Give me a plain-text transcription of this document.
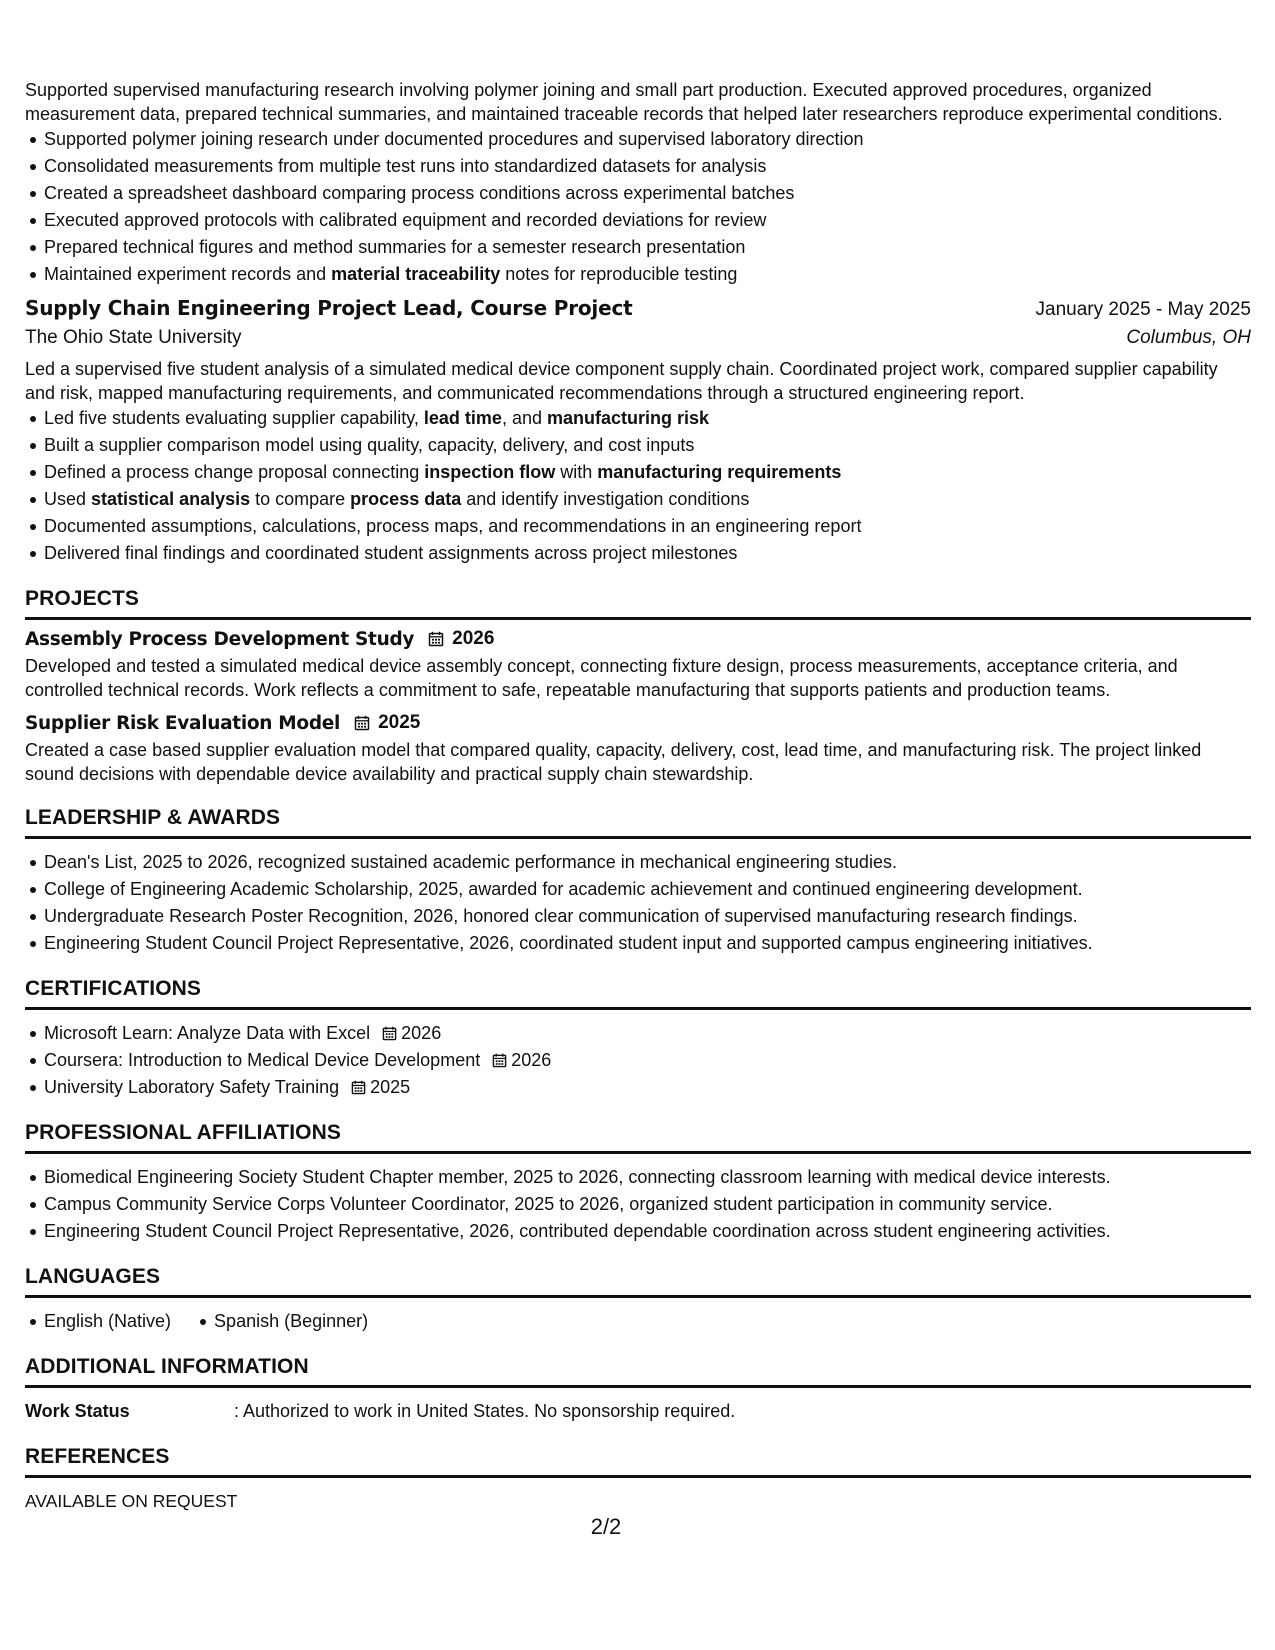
Supported supervised manufacturing research involving polymer joining and small part production. Executed approved procedures, organized measurement data, prepared technical summaries, and maintained traceable records that helped later researchers reproduce experimental conditions.

Supported polymer joining research under documented procedures and supervised laboratory direction
Consolidated measurements from multiple test runs into standardized datasets for analysis
Created a spreadsheet dashboard comparing process conditions across experimental batches
Executed approved protocols with calibrated equipment and recorded deviations for review
Prepared technical figures and method summaries for a semester research presentation
Maintained experiment records and material traceability notes for reproducible testing
Supply Chain Engineering Project Lead, Course Project	January 2025 - May 2025
The Ohio State University	Columbus, OH

Led a supervised five student analysis of a simulated medical device component supply chain. Coordinated project work, compared supplier capability and risk, mapped manufacturing requirements, and communicated recommendations through a structured engineering report.

Led five students evaluating supplier capability, lead time, and manufacturing risk
Built a supplier comparison model using quality, capacity, delivery, and cost inputs
Defined a process change proposal connecting inspection flow with manufacturing requirements
Used statistical analysis to compare process data and identify investigation conditions
Documented assumptions, calculations, process maps, and recommendations in an engineering report
Delivered final findings and coordinated student assignments across project milestones
PROJECTS
Assembly Process Development Study 2026

Developed and tested a simulated medical device assembly concept, connecting fixture design, process measurements, acceptance criteria, and controlled technical records. Work reflects a commitment to safe, repeatable manufacturing that supports patients and production teams.

Supplier Risk Evaluation Model 2025

Created a case based supplier evaluation model that compared quality, capacity, delivery, cost, lead time, and manufacturing risk. The project linked sound decisions with dependable device availability and practical supply chain stewardship.

LEADERSHIP & AWARDS
Dean's List, 2025 to 2026, recognized sustained academic performance in mechanical engineering studies.
College of Engineering Academic Scholarship, 2025, awarded for academic achievement and continued engineering development.
Undergraduate Research Poster Recognition, 2026, honored clear communication of supervised manufacturing research findings.
Engineering Student Council Project Representative, 2026, coordinated student input and supported campus engineering initiatives.
CERTIFICATIONS
Microsoft Learn: Analyze Data with Excel 2026
Coursera: Introduction to Medical Device Development 2026
University Laboratory Safety Training 2025
PROFESSIONAL AFFILIATIONS
Biomedical Engineering Society Student Chapter member, 2025 to 2026, connecting classroom learning with medical device interests.
Campus Community Service Corps Volunteer Coordinator, 2025 to 2026, organized student participation in community service.
Engineering Student Council Project Representative, 2026, contributed dependable coordination across student engineering activities.
LANGUAGES
English (Native)	Spanish (Beginner)
ADDITIONAL INFORMATION
Work Status	: Authorized to work in United States. No sponsorship required.
REFERENCES

AVAILABLE ON REQUEST

2/2
